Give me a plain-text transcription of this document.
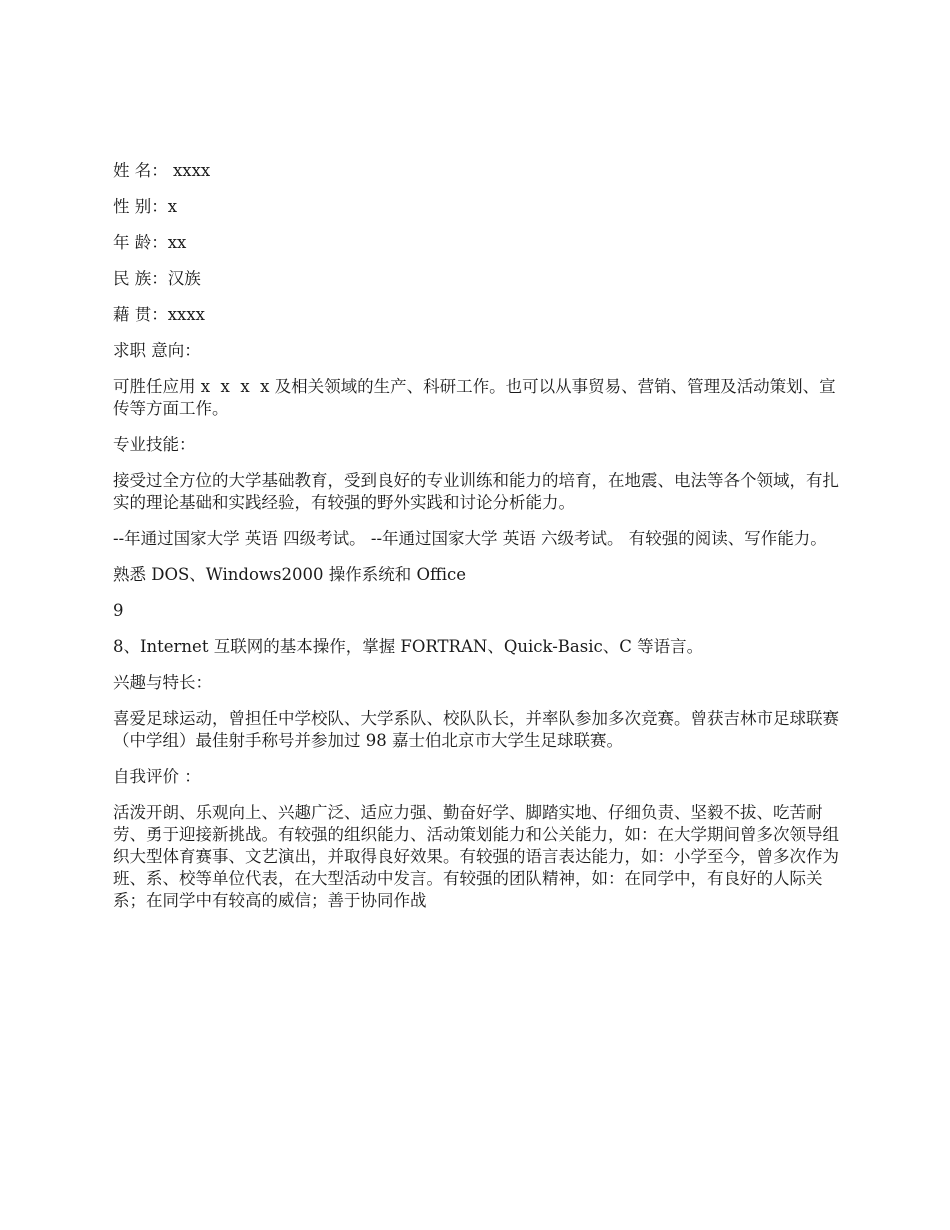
姓 名： xxxx

性 别：x

年 龄：xx

民 族：汉族

藉 贯：xxxx

求职 意向：

可胜任应用 x  x  x  x 及相关领域的生产、科研工作。也可以从事贸易、营销、管理及活动策划、宣传等方面工作。

专业技能：

接受过全方位的大学基础教育，受到良好的专业训练和能力的培育，在地震、电法等各个领域，有扎实的理论基础和实践经验，有较强的野外实践和讨论分析能力。

--年通过国家大学 英语 四级考试。 --年通过国家大学 英语 六级考试。 有较强的阅读、写作能力。

熟悉 DOS、Windows2000 操作系统和 Office

9

8、Internet 互联网的基本操作，掌握 FORTRAN、Quick-Basic、C 等语言。

兴趣与特长：

喜爱足球运动，曾担任中学校队、大学系队、校队队长，并率队参加多次竞赛。曾获吉林市足球联赛（中学组）最佳射手称号并参加过 98 嘉士伯北京市大学生足球联赛。

自我评价 ：

活泼开朗、乐观向上、兴趣广泛、适应力强、勤奋好学、脚踏实地、仔细负责、坚毅不拔、吃苦耐劳、勇于迎接新挑战。有较强的组织能力、活动策划能力和公关能力，如：在大学期间曾多次领导组织大型体育赛事、文艺演出，并取得良好效果。有较强的语言表达能力，如：小学至今，曾多次作为班、系、校等单位代表，在大型活动中发言。有较强的团队精神，如：在同学中，有良好的人际关系；在同学中有较高的威信；善于协同作战
